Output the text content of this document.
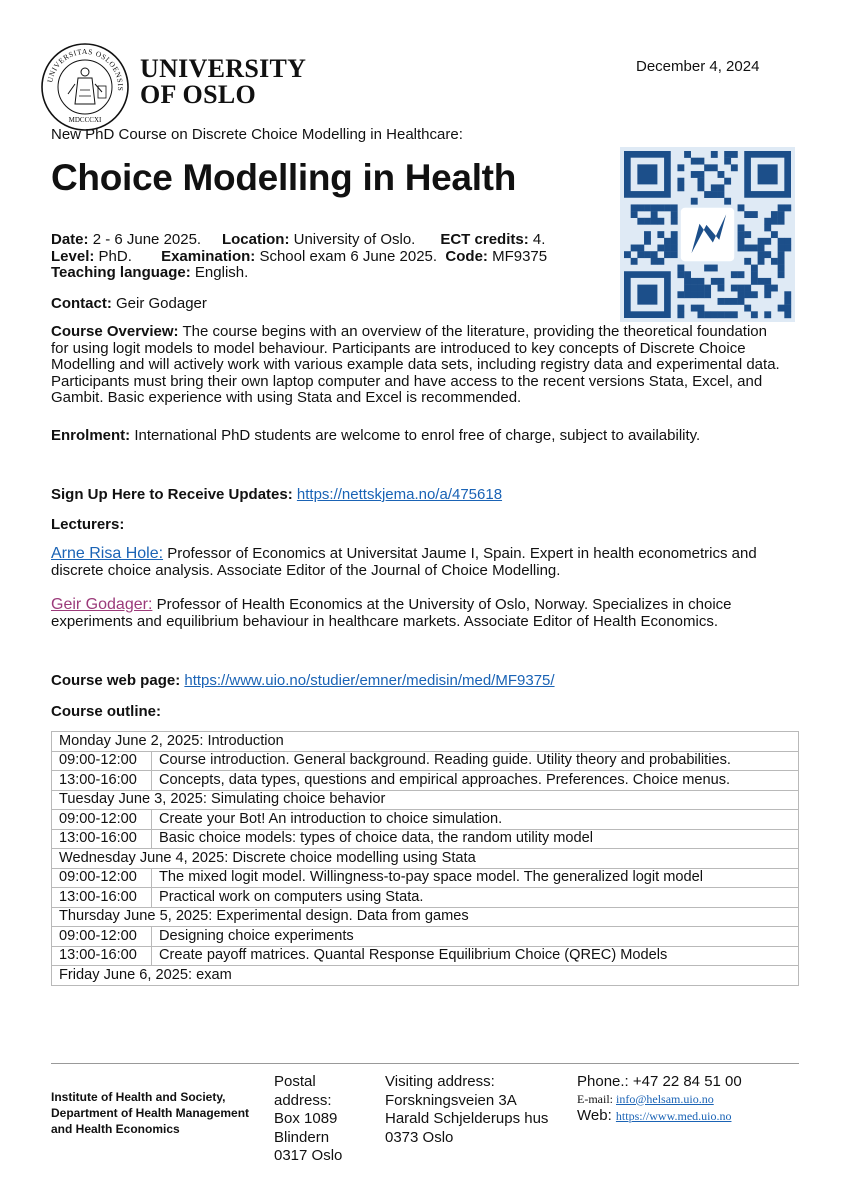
UNIVERSITAS OSLOENSIS
MDCCCXI
UNIVERSITY
OF OSLO
December 4, 2024
New PhD Course on Discrete Choice Modelling in Healthcare:
Choice Modelling in Health
Date: 2 - 6 June 2025. Location: University of Oslo. ECT credits: 4.
Level: PhD. Examination: School exam 6 June 2025. Code: MF9375
Teaching language: English.
Contact: Geir Godager
Course Overview: The course begins with an overview of the literature, providing the theoretical foundation for using logit models to model behaviour. Participants are introduced to key concepts of Discrete Choice Modelling and will actively work with various example data sets, including registry data and experimental data. Participants must bring their own laptop computer and have access to the recent versions Stata, Excel, and Gambit. Basic experience with using Stata and Excel is recommended.
Enrolment: International PhD students are welcome to enrol free of charge, subject to availability.
Sign Up Here to Receive Updates: https://nettskjema.no/a/475618
Lecturers:
Arne Risa Hole: Professor of Economics at Universitat Jaume I, Spain. Expert in health econometrics and discrete choice analysis. Associate Editor of the Journal of Choice Modelling.
Geir Godager: Professor of Health Economics at the University of Oslo, Norway. Specializes in choice experiments and equilibrium behaviour in healthcare markets. Associate Editor of Health Economics.
Course web page: https://www.uio.no/studier/emner/medisin/med/MF9375/
Course outline:
Monday June 2, 2025: Introduction	
09:00-12:00	Course introduction. General background. Reading guide. Utility theory and probabilities.
13:00-16:00	Concepts, data types, questions and empirical approaches. Preferences. Choice menus.
Tuesday June 3, 2025: Simulating choice behavior	
09:00-12:00	Create your Bot! An introduction to choice simulation.
13:00-16:00	Basic choice models: types of choice data, the random utility model
Wednesday June 4, 2025: Discrete choice modelling using Stata	
09:00-12:00	The mixed logit model. Willingness-to-pay space model. The generalized logit model
13:00-16:00	Practical work on computers using Stata.
Thursday June 5, 2025: Experimental design. Data from games	
09:00-12:00	Designing choice experiments
13:00-16:00	Create payoff matrices. Quantal Response Equilibrium Choice (QREC) Models
Friday June 6, 2025: exam	
Institute of Health and Society,
Department of Health Management
and Health Economics
Postal
address:
Box 1089
Blindern
0317 Oslo
Visiting address:
Forskningsveien 3A
Harald Schjelderups hus
0373 Oslo
Phone.: +47 22 84 51 00
E-mail: info@helsam.uio.no
Web: https://www.med.uio.no
